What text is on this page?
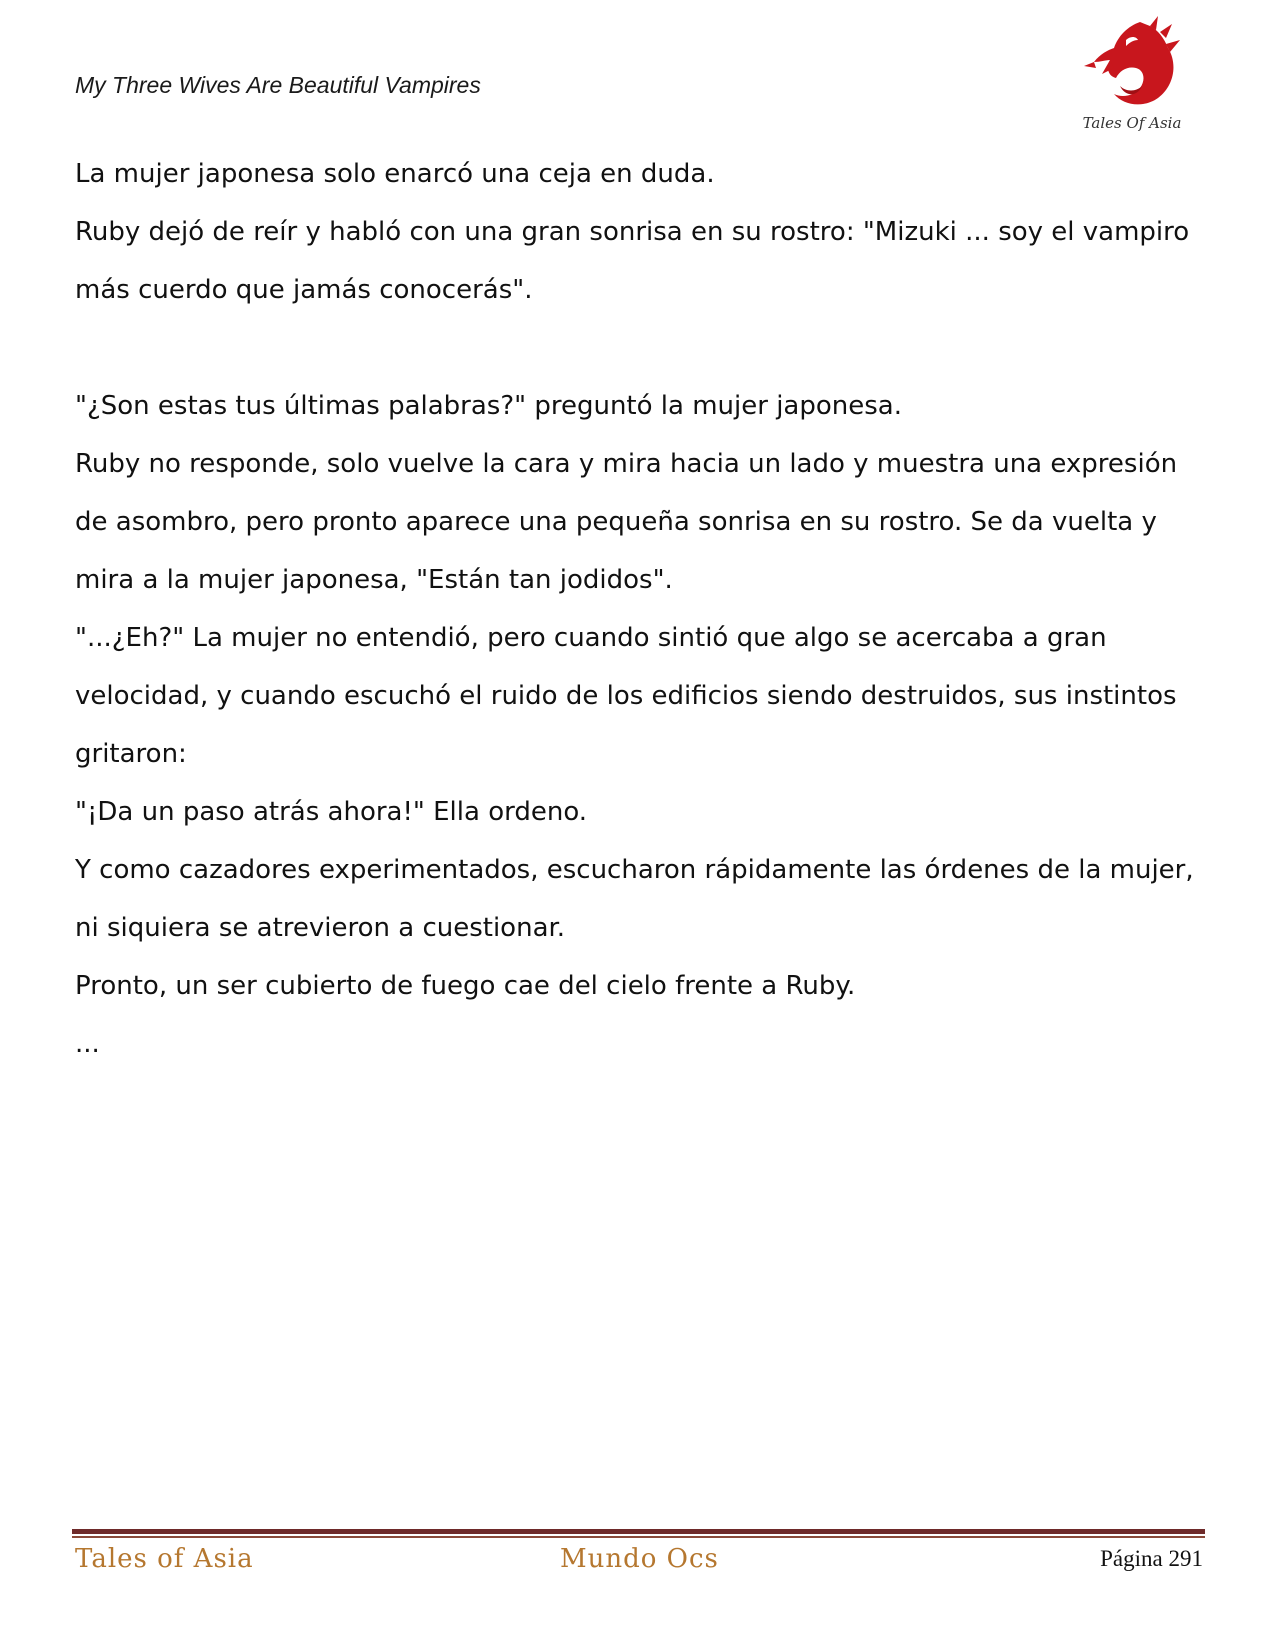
My Three Wives Are Beautiful Vampires

Tales Of Asia

La mujer japonesa solo enarcó una ceja en duda.

Ruby dejó de reír y habló con una gran sonrisa en su rostro: "Mizuki ... soy el vampiro más cuerdo que jamás conocerás".

"¿Son estas tus últimas palabras?" preguntó la mujer japonesa.

Ruby no responde, solo vuelve la cara y mira hacia un lado y muestra una expresión de asombro, pero pronto aparece una pequeña sonrisa en su rostro. Se da vuelta y mira a la mujer japonesa, "Están tan jodidos".

"...¿Eh?" La mujer no entendió, pero cuando sintió que algo se acercaba a gran velocidad, y cuando escuchó el ruido de los edificios siendo destruidos, sus instintos gritaron:

"¡Da un paso atrás ahora!" Ella ordeno.

Y como cazadores experimentados, escucharon rápidamente las órdenes de la mujer, ni siquiera se atrevieron a cuestionar.

Pronto, un ser cubierto de fuego cae del cielo frente a Ruby.

...

Tales of Asia	Mundo Ocs	Página 291
